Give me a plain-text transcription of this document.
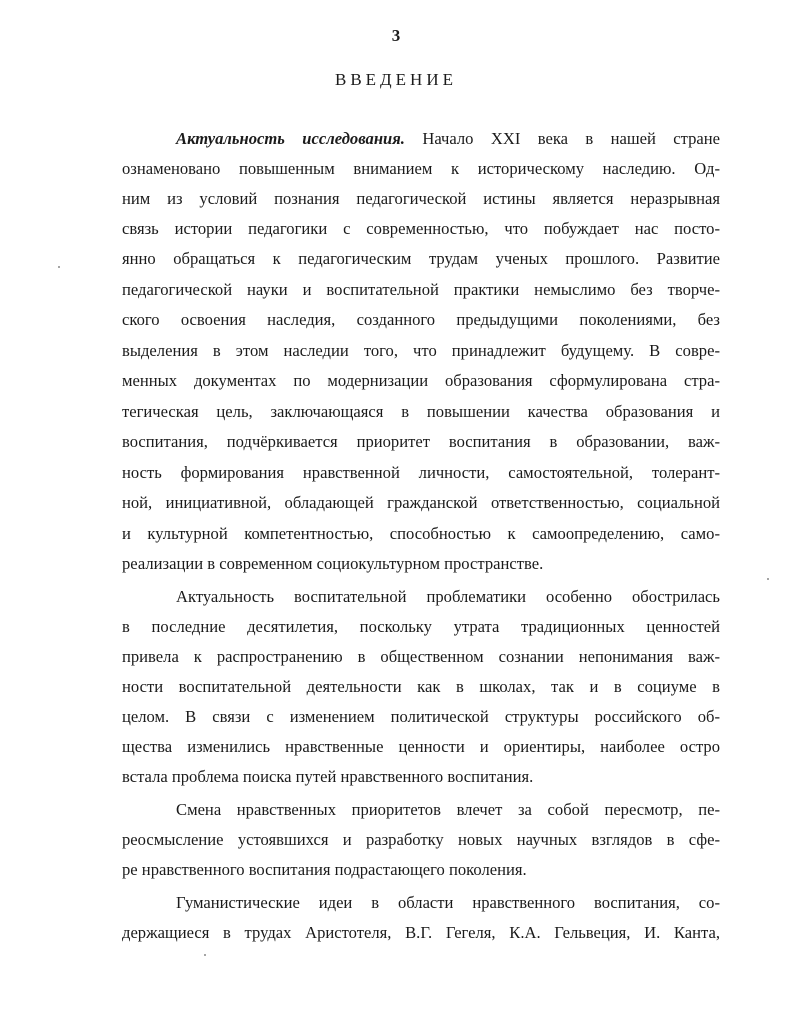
3
ВВЕДЕНИЕ
Актуальность исследования. Начало XXI века в нашей стране
ознаменовано повышенным вниманием к историческому наследию. Од-
ним из условий познания педагогической истины является неразрывная
связь истории педагогики с современностью, что побуждает нас посто-
янно обращаться к педагогическим трудам ученых прошлого. Развитие
педагогической науки и воспитательной практики немыслимо без творче-
ского освоения наследия, созданного предыдущими поколениями, без
выделения в этом наследии того, что принадлежит будущему. В совре-
менных документах по модернизации образования сформулирована стра-
тегическая цель, заключающаяся в повышении качества образования и
воспитания, подчёркивается приоритет воспитания в образовании, важ-
ность формирования нравственной личности, самостоятельной, толерант-
ной, инициативной, обладающей гражданской ответственностью, социальной
и культурной компетентностью, способностью к самоопределению, само-
реализации в современном социокультурном пространстве.
Актуальность воспитательной проблематики особенно обострилась
в последние десятилетия, поскольку утрата традиционных ценностей
привела к распространению в общественном сознании непонимания важ-
ности воспитательной деятельности как в школах, так и в социуме в
целом. В связи с изменением политической структуры российского об-
щества изменились нравственные ценности и ориентиры, наиболее остро
встала проблема поиска путей нравственного воспитания.
Смена нравственных приоритетов влечет за собой пересмотр, пе-
реосмысление устоявшихся и разработку новых научных взглядов в сфе-
ре нравственного воспитания подрастающего поколения.
Гуманистические идеи в области нравственного воспитания, со-
держащиеся в трудах Аристотеля, В.Г. Гегеля, К.А. Гельвеция, И. Канта,
